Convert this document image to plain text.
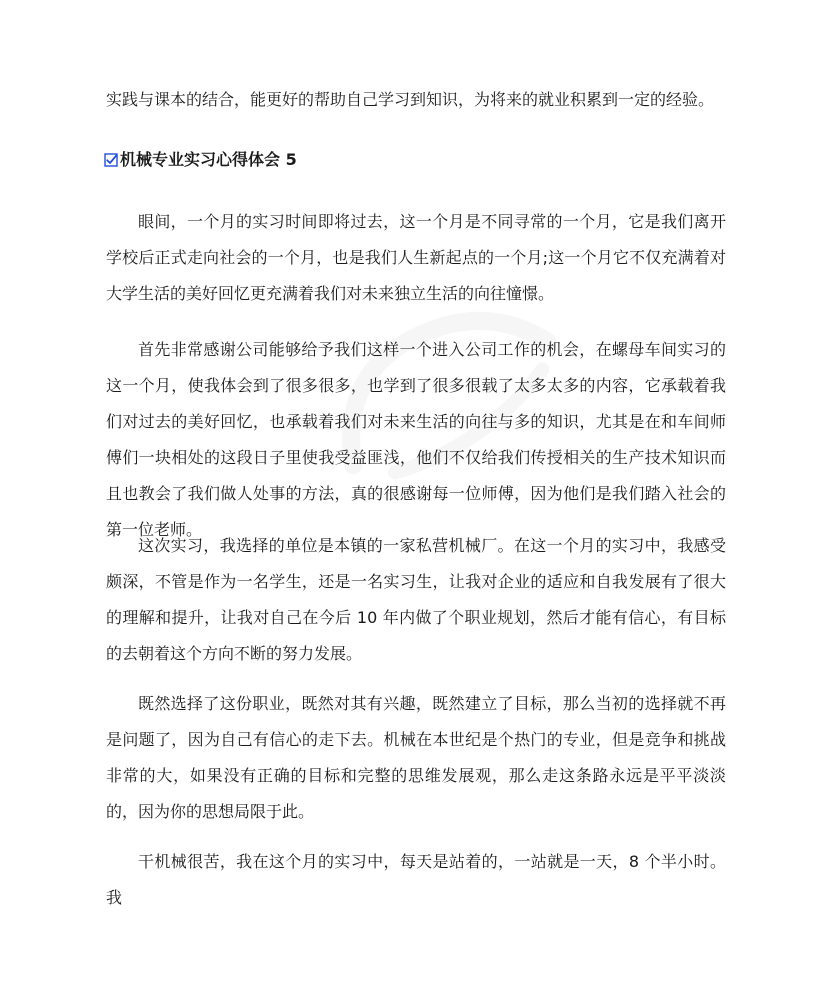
实践与课本的结合，能更好的帮助自己学习到知识，为将来的就业积累到一定的经验。

机械专业实习心得体会 5

眼间，一个月的实习时间即将过去，这一个月是不同寻常的一个月，它是我们离开学校后正式走向社会的一个月，也是我们人生新起点的一个月;这一个月它不仅充满着对大学生活的美好回忆更充满着我们对未来独立生活的向往憧憬。

首先非常感谢公司能够给予我们这样一个进入公司工作的机会，在螺母车间实习的这一个月，使我体会到了很多很多，也学到了很多很载了太多太多的内容，它承载着我们对过去的美好回忆，也承载着我们对未来生活的向往与多的知识，尤其是在和车间师傅们一块相处的这段日子里使我受益匪浅，他们不仅给我们传授相关的生产技术知识而且也教会了我们做人处事的方法，真的很感谢每一位师傅，因为他们是我们踏入社会的第一位老师。

这次实习，我选择的单位是本镇的一家私营机械厂。在这一个月的实习中，我感受颇深，不管是作为一名学生，还是一名实习生，让我对企业的适应和自我发展有了很大的理解和提升，让我对自己在今后 10 年内做了个职业规划，然后才能有信心，有目标的去朝着这个方向不断的努力发展。

既然选择了这份职业，既然对其有兴趣，既然建立了目标，那么当初的选择就不再是问题了，因为自己有信心的走下去。机械在本世纪是个热门的专业，但是竞争和挑战非常的大，如果没有正确的目标和完整的思维发展观，那么走这条路永远是平平淡淡的，因为你的思想局限于此。

干机械很苦，我在这个月的实习中，每天是站着的，一站就是一天，8 个半小时。我
